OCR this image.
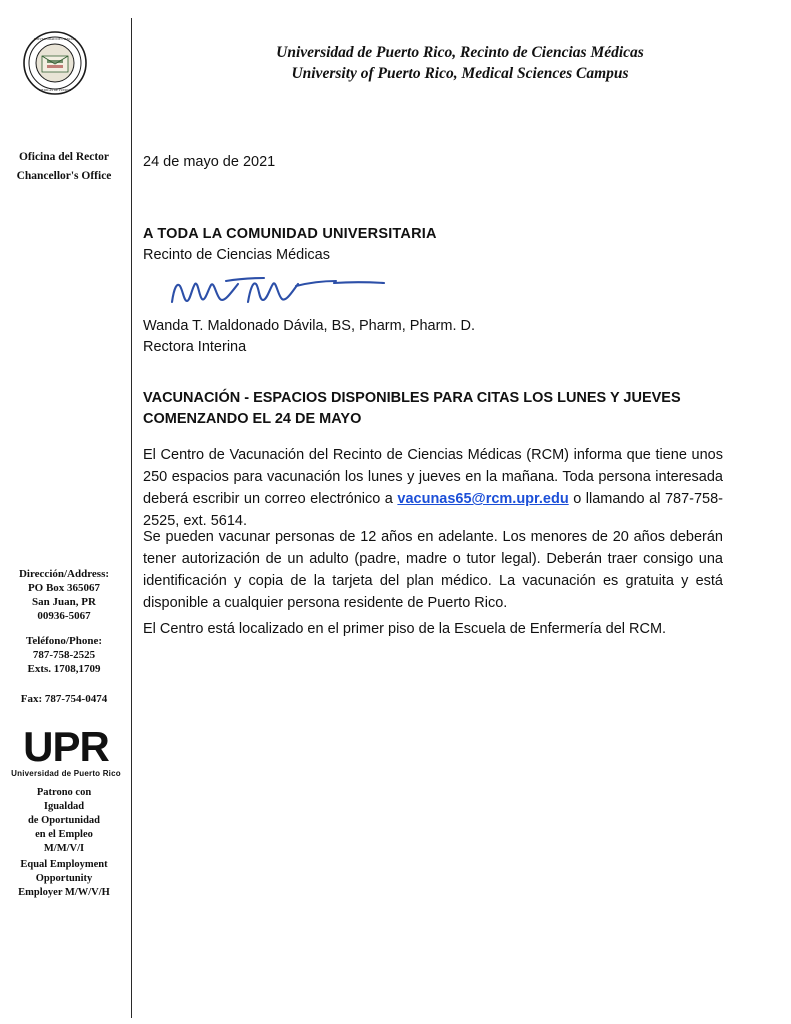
UNIVERSIDAD DE CIENCIAS
MEDICAS DE PUERTO
Universidad de Puerto Rico, Recinto de Ciencias Médicas
University of Puerto Rico, Medical Sciences Campus
Oficina del Rector
Chancellor's Office
Dirección/Address:
PO Box 365067
San Juan, PR
00936-5067
Teléfono/Phone:
787-758-2525
Exts. 1708,1709
Fax: 787-754-0474
UPR
Universidad de Puerto Rico
Patrono con
Igualdad
de Oportunidad
en el Empleo
M/M/V/I
Equal Employment
Opportunity
Employer M/W/V/H
24 de mayo de 2021
A TODA LA COMUNIDAD UNIVERSITARIA
Recinto de Ciencias Médicas
Wanda T. Maldonado Dávila, BS, Pharm, Pharm. D.
Rectora Interina
VACUNACIÓN - ESPACIOS DISPONIBLES PARA CITAS LOS LUNES Y JUEVES
COMENZANDO EL 24 DE MAYO
El Centro de Vacunación del Recinto de Ciencias Médicas (RCM) informa que tiene unos 250 espacios para vacunación los lunes y jueves en la mañana. Toda persona interesada deberá escribir un correo electrónico a vacunas65@rcm.upr.edu o llamando al 787-758-2525, ext. 5614.
Se pueden vacunar personas de 12 años en adelante. Los menores de 20 años deberán tener autorización de un adulto (padre, madre o tutor legal). Deberán traer consigo una identificación y copia de la tarjeta del plan médico. La vacunación es gratuita y está disponible a cualquier persona residente de Puerto Rico.
El Centro está localizado en el primer piso de la Escuela de Enfermería del RCM.
